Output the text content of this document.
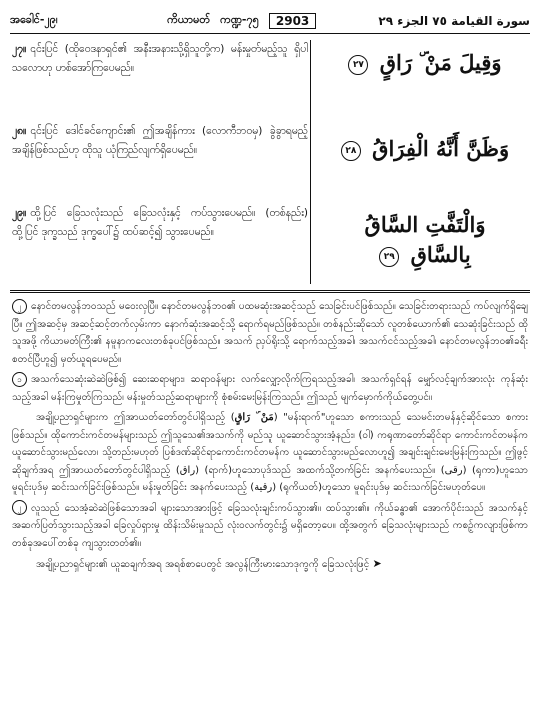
အခေါင်-၂၉၊	ကိယာမတ် ကဏ္ဍ-၇၅	2903	سورة القيامة ٧٥ الجزء ٢٩
၂၇။ ၎င်းပြင် (ထိုဝေဒနာရှင်၏ အနီးအနားသို့ရှိသူတို့က) မန်းမှုတ်မည့်သူ ရှိပါသလောဟု ဟစ်အော်ကြပေမည်။	وَقِيلَ مَنْ ۜ رَاقٍ ٢٧
၂၈။ ၎င်းပြင် ဒေါင်ခင်ကျောင်း၏ ဤအချိန်ကား (လောကီဘဝမှ) ခွဲခွာရမည့်အချိန်ဖြစ်သည်ဟု ထိုသူ ယုံကြည်လျက်ရှိပေမည်။	وَظَنَّ أَنَّهُ الْفِرَاقُ ٢٨
၂၉။ ထို့ပြင် ခြေသလုံးသည် ခြေသလုံးနှင့် ကပ်သွားပေမည်။ (တစ်နည်း) ထို့ပြင် ဒုက္ခသည် ဒုက္ခပေါ်၌ ထပ်ဆင့်၍ သွားပေမည်။	وَالْتَفَّتِ السَّاقُ
بِالسَّاقِ ٢٩

၂ နောင်တမလွန်ဘဝသည် မဝေးလှပြီ။ နောင်တမလွန်ဘဝ၏ ပထမဆုံးအဆင့်သည် သေခြင်းပင်ဖြစ်သည်။ သေခြင်းတရားသည် ကပ်လျက်ရှိချေပြီ။ ဤအဆင့်မှ အဆင့်ဆင့်တက်လှမ်းကာ နောက်ဆုံးအဆင့်သို့ ရောက်ရမည်ဖြစ်သည်။ တစ်နည်းဆိုသော် လူတစ်ယောက်၏ သေဆုံးခြင်းသည် ထိုသူအဖို့ ကိယာမတ်ကြီး၏ နမူနာကလေးတစ်ခုပင်ဖြစ်သည်။ အသက် ညှပ်ရိုးသို့ ရောက်သည့်အခါ၊ အသက်ငင်သည့်အခါ၊ နောင်တမလွန်ဘဝ၏ခရီး စတင်ပြီဟူ၍ မှတ်ယူရပေမည်။

၁ အသက်သေဆုံးဆဲဆဲဖြစ်၍ ဆေးဆရာများ၊ ဆရာဝန်များ လက်လျှော့လိုက်ကြရသည့်အခါ၊ အသက်ရှင်ရန် မျှော်လင့်ချက်အားလုံး ကုန်ဆုံးသည့်အခါ မန်းကြမှုတ်ကြသည်၊ မန်းမှုတ်သည့်ဆရာများကို စုံစမ်းမေးမြန်းကြသည်။ ဤသည် မျက်မှောက်ကိုယ်တွေ့ပင်။

အချို့ပညာရှင်များက ဤအာယတ်တော်တွင်ပါရှိသည့် (مَنْ ۜ رَاقٍ) "မန်းရာက်"ဟူသော စကားသည် သေမင်းတမန်နှင့်ဆိုင်သော စကားဖြစ်သည်။ ထိုကောင်းကင်တမန်များသည် ဤသူသေ၏အသက်ကို မည်သူ ယူဆောင်သွားအံ့နည်း၊ (ဝါ) ကရုဏာတော်ဆိုင်ရာ ကောင်းကင်တမန်က ယူဆောင်သွားမည်လော၊ သို့တည်းမဟုတ် ပြစ်ဒဏ်ဆိုင်ရာကောင်းကင်တမန်က ယူဆောင်သွားမည်လောဟူ၍ အချင်းချင်းမေးမြန်းကြသည်။ ဤဖွင့်ဆိုချက်အရ ဤအာယတ်တော်တွင်ပါရှိသည့် (راق) (ရာက်)ဟူသောပုဒ်သည် အထက်သို့တက်ခြင်း အနက်ပေးသည်။ (رقى) (ရုကာ)ဟူသော မူရင်းပုဒ်မှ ဆင်းသက်ခြင်းဖြစ်သည်။ မန်းမှုတ်ခြင်း အနက်ပေးသည့် (رقية) (ရုကိယတ်)ဟူသော မူရင်းပုဒ်မှ ဆင်းသက်ခြင်းမဟုတ်ပေ။

၂ လူသည် သေအံ့ဆဲဆဲဖြစ်သောအခါ များသောအားဖြင့် ခြေသလုံးချင်းကပ်သွား၏။ ထပ်သွား၏။ ကိုယ်ခန္ဓာ၏ အောက်ပိုင်းသည် အသက်နှင့် အဆက်ပြတ်သွားသည့်အခါ ခြေလှုပ်ရှားမှု ထိန်းသိမ်းမှုသည် လုံး၀လက်တွင်း၌ မရှိတော့ပေ။ ထို့အတွက် ခြေသလုံးများသည် ကစဉ့်ကလျားဖြစ်ကာ တစ်ခုအပေါ်တစ်ခု ကျသွားတတ်၏။

အချို့ပညာရှင်များ၏ ယူဆချက်အရ အရစ်စာပေတွင် အလွန်ကြီးမားသောဒုက္ခကို ခြေသလုံးဖြင့် ➤
